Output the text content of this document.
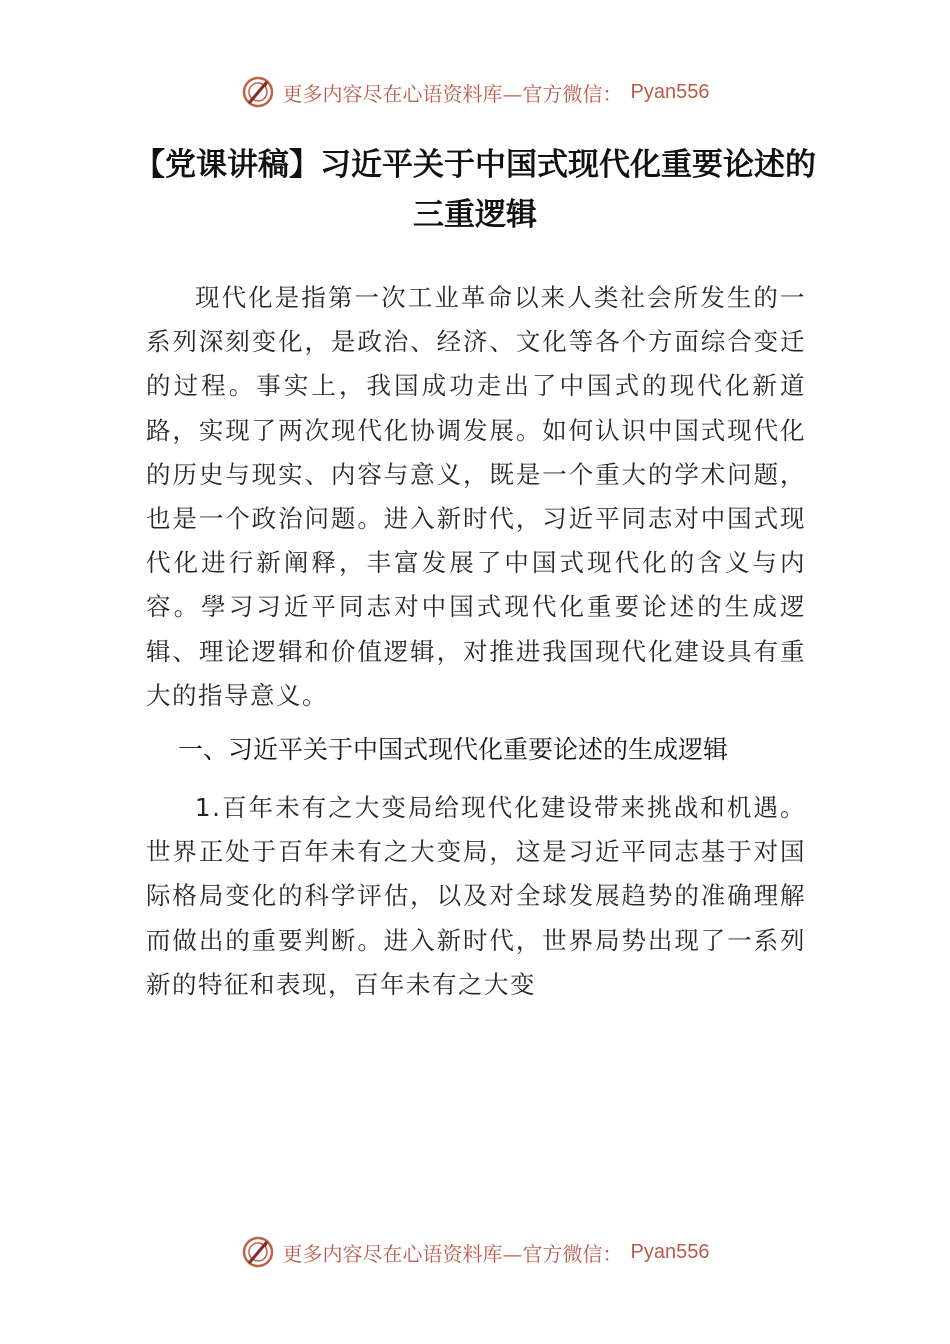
更多内容尽在心语资料库—官方微信： Pyan556
【党课讲稿】习近平关于中国式现代化重要论述的三重逻辑

现代化是指第一次工业革命以来人类社会所发生的一系列深刻变化，是政治、经济、文化等各个方面综合变迁的过程。事实上，我国成功走出了中国式的现代化新道路，实现了两次现代化协调发展。如何认识中国式现代化的历史与现实、内容与意义，既是一个重大的学术问题，也是一个政治问题。进入新时代，习近平同志对中国式现代化进行新阐释，丰富发展了中国式现代化的含义与内容。學习习近平同志对中国式现代化重要论述的生成逻辑、理论逻辑和价值逻辑，对推进我国现代化建设具有重大的指导意义。

一、习近平关于中国式现代化重要论述的生成逻辑

1.百年未有之大变局给现代化建设带来挑战和机遇。世界正处于百年未有之大变局，这是习近平同志基于对国际格局变化的科学评估，以及对全球发展趋势的准确理解而做出的重要判断。进入新时代，世界局势出现了一系列新的特征和表现，百年未有之大变

更多内容尽在心语资料库—官方微信： Pyan556
